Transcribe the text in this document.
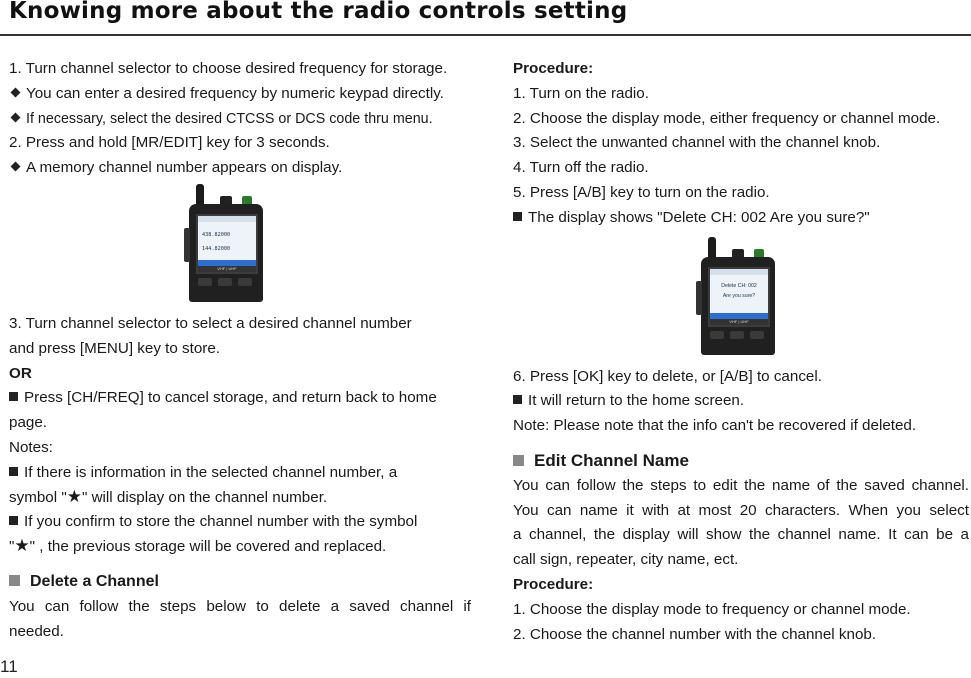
Knowing more about the radio controls setting

1. Turn channel selector to choose desired frequency for storage.

You can enter a desired frequency by numeric keypad directly.

If necessary, select the desired CTCSS or DCS code thru menu.

2. Press and hold [MR/EDIT] key for 3 seconds.

A memory channel number appears on display.

438.82000
144.82000
VHF | UHF

3. Turn channel selector to select a desired channel number

and press [MENU] key to store.

OR

Press [CH/FREQ] to cancel storage, and return back to home

page.

Notes:

If there is information in the selected channel number, a

symbol "★" will display on the channel number.

If you confirm to store the channel number with the symbol

"★" , the previous storage will be covered and replaced.

Delete a Channel

You can follow the steps below to delete a saved channel if

needed.

Procedure:

1. Turn on the radio.

2. Choose the display mode, either frequency or channel mode.

3. Select the unwanted channel with the channel knob.

4. Turn off the radio.

5. Press [A/B] key to turn on the radio.

The display shows "Delete CH: 002 Are you sure?"

Delete CH: 002
Are you sure?
VHF | UHF

6. Press [OK] key to delete, or [A/B] to cancel.

It will return to the home screen.

Note: Please note that the info can't be recovered if deleted.

Edit Channel Name

You can follow the steps to edit the name of the saved channel.

You can name it with at most 20 characters. When you select

a channel, the display will show the channel name. It can be a

call sign, repeater, city name, ect.

Procedure:

1. Choose the display mode to frequency or channel mode.

2. Choose the channel number with the channel knob.

11
